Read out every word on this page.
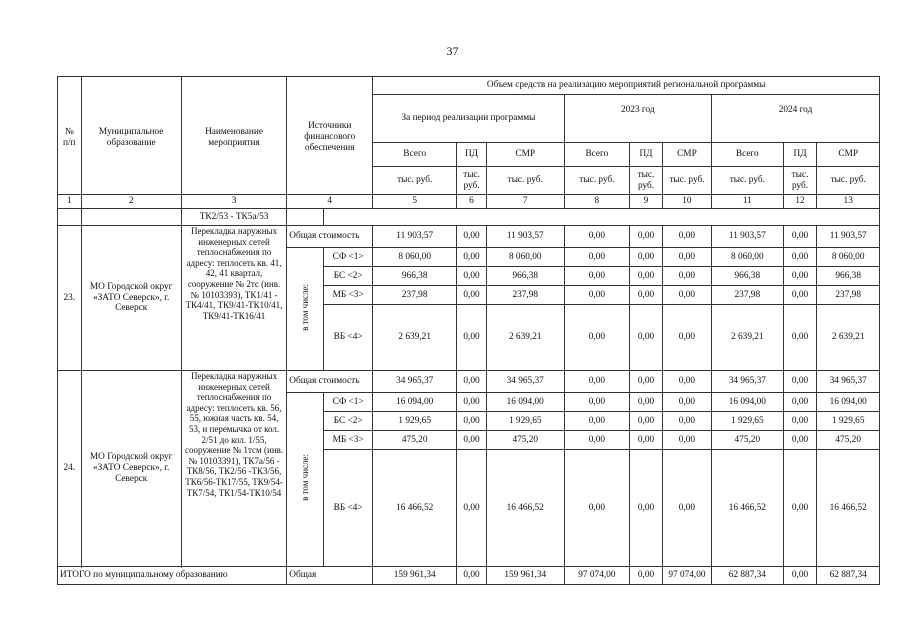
37
№ п/п	Муниципальное образование	Наименование мероприятия	Источники финансового обеспечения		Объем средств на реализацию мероприятий региональной программы								
					За период реализации программы			2023 год			2024 год		
					Всего	ПД	СМР	Всего	ПД	СМР	Всего	ПД	СМР
					тыс. руб.	тыс. руб.	тыс. руб.	тыс. руб.	тыс. руб.	тыс. руб.	тыс. руб.	тыс. руб.	тыс. руб.
1	2	3	4		5	6	7	8	9	10	11	12	13
		ТК2/53 - ТК5а/53											
23.	МО Городской округ «ЗАТО Северск», г. Северск	Перекладка наружных инженерных сетей теплоснабжения по адресу: теплосеть кв. 41, 42, 41 квартал, сооружение № 2тс (инв. № 10103393), ТК1/41 - ТК4/41, ТК9/41-ТК10/41, ТК9/41-ТК16/41	Общая стоимость		11 903,57	0,00	11 903,57	0,00	0,00	0,00	11 903,57	0,00	11 903,57
			в том числе:	СФ <1>	8 060,00	0,00	8 060,00	0,00	0,00	0,00	8 060,00	0,00	8 060,00
				БС <2>	966,38	0,00	966,38	0,00	0,00	0,00	966,38	0,00	966,38
				МБ <3>	237,98	0,00	237,98	0,00	0,00	0,00	237,98	0,00	237,98
				ВБ <4>	2 639,21	0,00	2 639,21	0,00	0,00	0,00	2 639,21	0,00	2 639,21

24.	МО Городской округ «ЗАТО Северск», г. Северск	Перекладка наружных инженерных сетей теплоснабжения по адресу: теплосеть кв. 56, 55, южная часть кв. 54, 53, и перемычка от кол. 2/51 до кол. 1/55, сооружение № 1тсм (инв. № 10103391), ТК7а/56 - ТК8/56, ТК2/56 -ТК3/56, ТК6/56-ТК17/55, ТК9/54-ТК7/54, ТК1/54-ТК10/54	Общая стоимость		34 965,37	0,00	34 965,37	0,00	0,00	0,00	34 965,37	0,00	34 965,37
			в том числе:	СФ <1>	16 094,00	0,00	16 094,00	0,00	0,00	0,00	16 094,00	0,00	16 094,00
				БС <2>	1 929,65	0,00	1 929,65	0,00	0,00	0,00	1 929,65	0,00	1 929,65
				МБ <3>	475,20	0,00	475,20	0,00	0,00	0,00	475,20	0,00	475,20
				ВБ <4>	16 466,52	0,00	16 466,52	0,00	0,00	0,00	16 466,52	0,00	16 466,52

ИТОГО по муниципальному образованию			Общая		159 961,34	0,00	159 961,34	97 074,00	0,00	97 074,00	62 887,34	0,00	62 887,34
